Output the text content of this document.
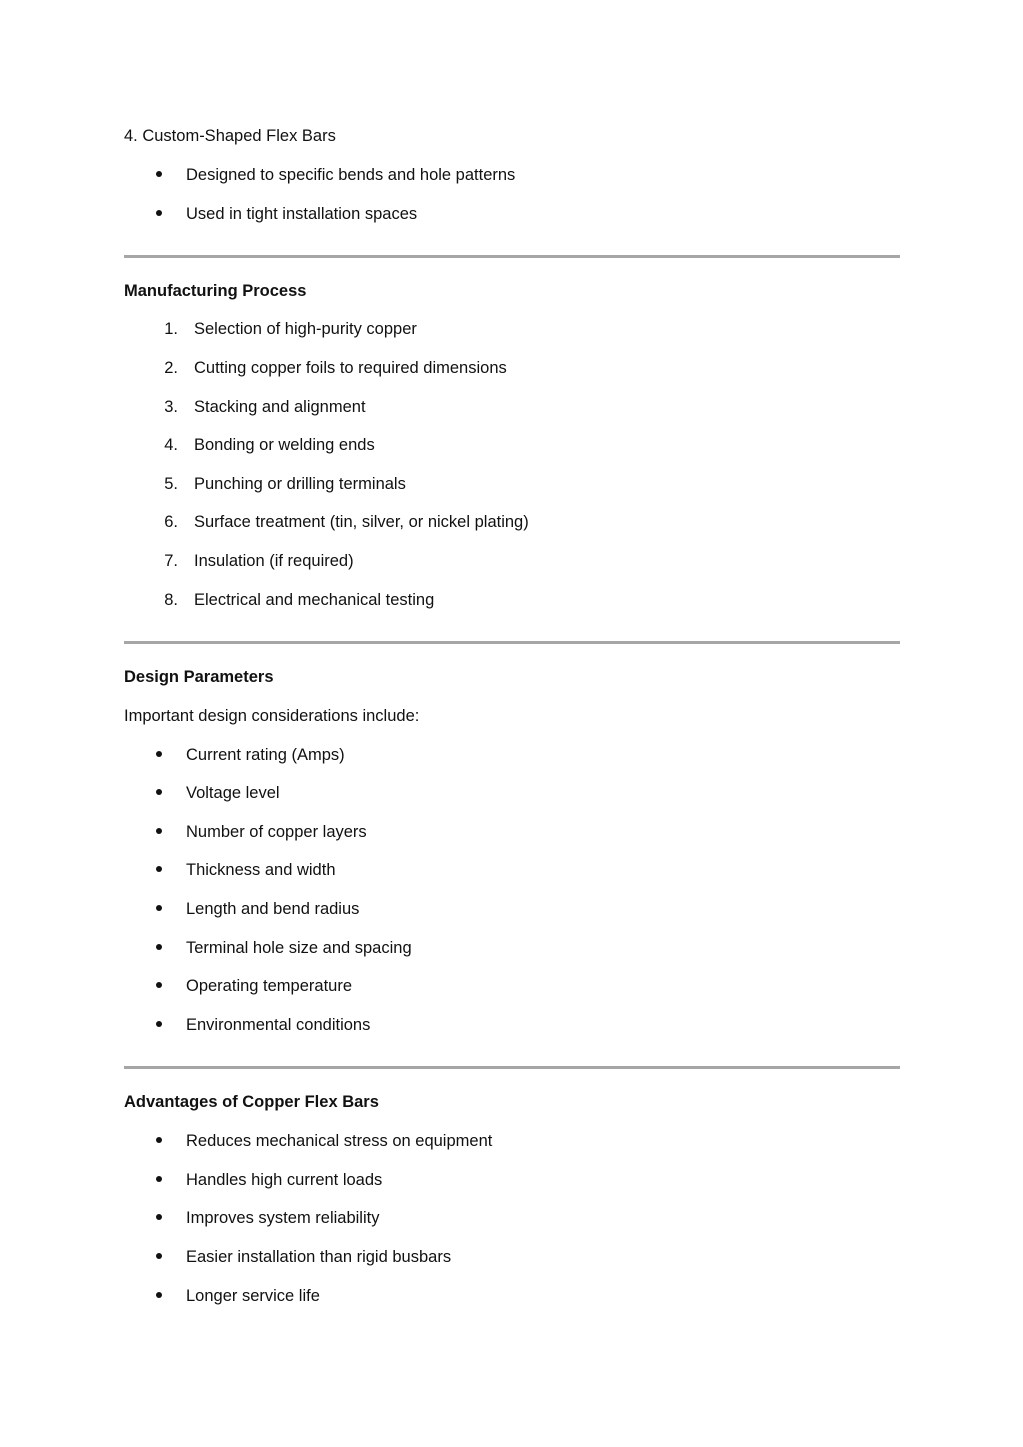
4. Custom-Shaped Flex Bars
Designed to specific bends and hole patterns
Used in tight installation spaces
Manufacturing Process
1. Selection of high-purity copper
2. Cutting copper foils to required dimensions
3. Stacking and alignment
4. Bonding or welding ends
5. Punching or drilling terminals
6. Surface treatment (tin, silver, or nickel plating)
7. Insulation (if required)
8. Electrical and mechanical testing
Design Parameters
Important design considerations include:
Current rating (Amps)
Voltage level
Number of copper layers
Thickness and width
Length and bend radius
Terminal hole size and spacing
Operating temperature
Environmental conditions
Advantages of Copper Flex Bars
Reduces mechanical stress on equipment
Handles high current loads
Improves system reliability
Easier installation than rigid busbars
Longer service life
